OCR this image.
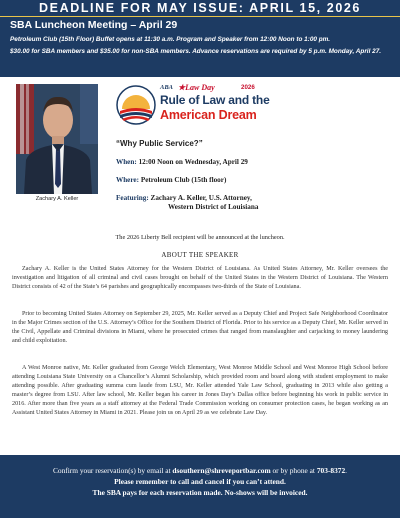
DEADLINE FOR MAY ISSUE: APRIL 15, 2026
SBA Luncheon Meeting – April 29
Petroleum Club (15th Floor) Buffet opens at 11:30 a.m. Program and Speaker from 12:00 Noon to 1:00 pm.
$30.00 for SBA members and $35.00 for non-SBA members. Advance reservations are required by 5 p.m. Monday, April 27.
Zachary A. Keller
ABA ★Law Day	2026
Rule of Law and the
American Dream
“Why Public Service?”
When: 12:00 Noon on Wednesday, April 29
Where: Petroleum Club (15th floor)
Featuring: Zachary A. Keller, U.S. Attorney,
Western District of Louisiana
The 2026 Liberty Bell recipient will be announced at the luncheon.
ABOUT THE SPEAKER

Zachary A. Keller is the United States Attorney for the Western District of Louisiana. As United States Attorney, Mr. Keller oversees the investigation and litigation of all criminal and civil cases brought on behalf of the United States in the Western District of Louisiana. The Western District consists of 42 of the State’s 64 parishes and geographically encompasses two-thirds of the State of Louisiana.

Prior to becoming United States Attorney on September 29, 2025, Mr. Keller served as a Deputy Chief and Project Safe Neighborhood Coordinator in the Major Crimes section of the U.S. Attorney’s Office for the Southern District of Florida. Prior to his service as a Deputy Chief, Mr. Keller served in the Civil, Appellate and Criminal divisions in Miami, where he prosecuted crimes that ranged from manslaughter and carjacking to money laundering and child exploitation.

A West Monroe native, Mr. Keller graduated from George Welch Elementary, West Monroe Middle School and West Monroe High School before attending Louisiana State University on a Chancellor’s Alumni Scholarship, which provided room and board along with student employment to make attending possible. After graduating summa cum laude from LSU, Mr. Keller attended Yale Law School, graduating in 2013 while also getting a master’s degree from LSU. After law school, Mr. Keller began his career in Jones Day’s Dallas office before beginning his work in public service in 2016. After more than five years as a staff attorney at the Federal Trade Commission working on consumer protection cases, he began working as an Assistant United States Attorney in Miami in 2021. Please join us on April 29 as we celebrate Law Day.

Confirm your reservation(s) by email at dsouthern@shreveportbar.com or by phone at 703-8372.
Please remember to call and cancel if you can’t attend.
The SBA pays for each reservation made. No-shows will be invoiced.
